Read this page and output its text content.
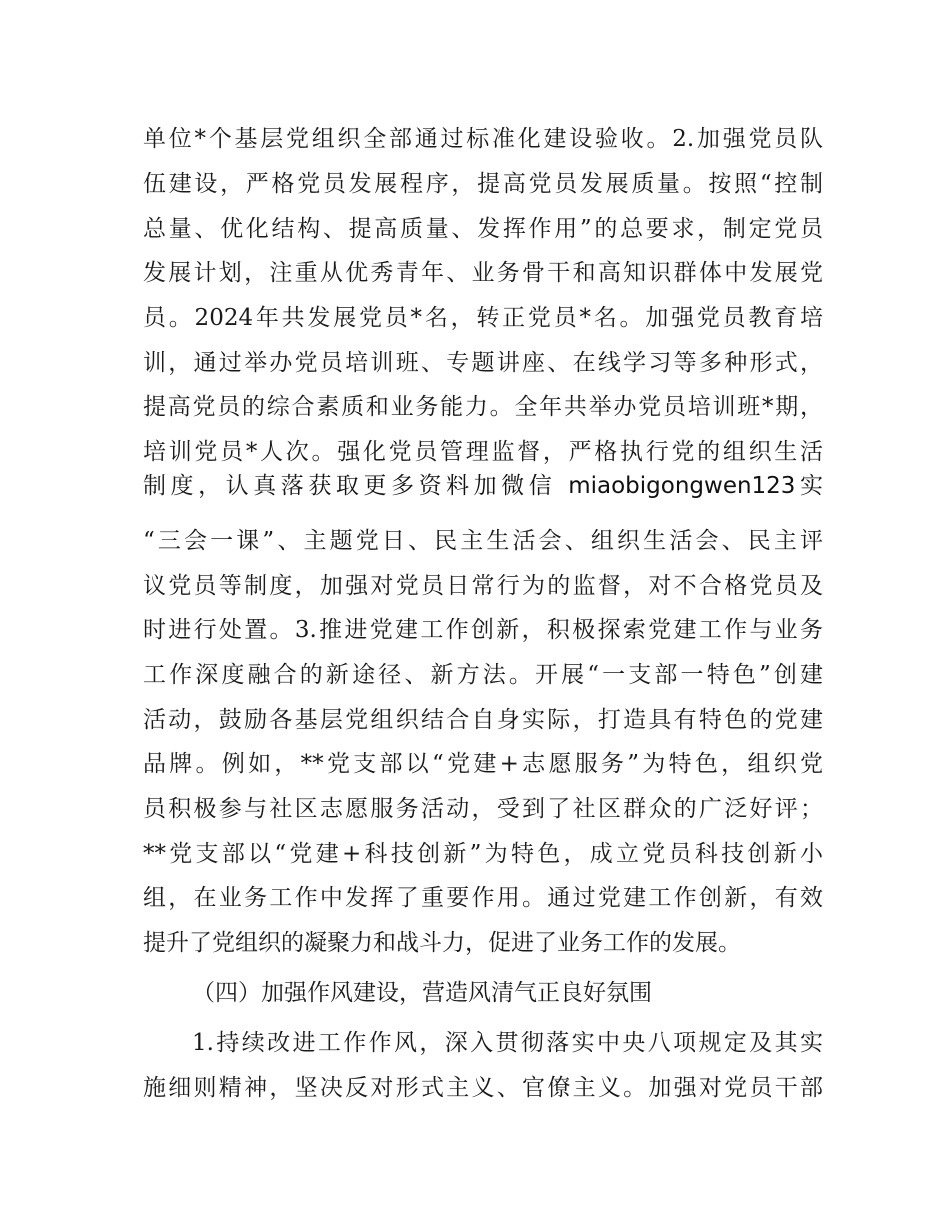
单位*个基层党组织全部通过标准化建设验收。2.加强党员队
伍建设，严格党员发展程序，提高党员发展质量。按照“控制
总量、优化结构、提高质量、发挥作用”的总要求，制定党员
发展计划，注重从优秀青年、业务骨干和高知识群体中发展党
员。2024年共发展党员*名，转正党员*名。加强党员教育培
训，通过举办党员培训班、专题讲座、在线学习等多种形式，
提高党员的综合素质和业务能力。全年共举办党员培训班*期，
培训党员*人次。强化党员管理监督，严格执行党的组织生活
制度，认真落获取更多资料加微信 miaobigongwen123实
“三会一课”、主题党日、民主生活会、组织生活会、民主评
议党员等制度，加强对党员日常行为的监督，对不合格党员及
时进行处置。3.推进党建工作创新，积极探索党建工作与业务
工作深度融合的新途径、新方法。开展“一支部一特色”创建
活动，鼓励各基层党组织结合自身实际，打造具有特色的党建
品牌。例如，**党支部以“党建+志愿服务”为特色，组织党
员积极参与社区志愿服务活动，受到了社区群众的广泛好评；
**党支部以“党建+科技创新”为特色，成立党员科技创新小
组，在业务工作中发挥了重要作用。通过党建工作创新，有效
提升了党组织的凝聚力和战斗力，促进了业务工作的发展。
（四）加强作风建设，营造风清气正良好氛围
1.持续改进工作作风，深入贯彻落实中央八项规定及其实
施细则精神，坚决反对形式主义、官僚主义。加强对党员干部
